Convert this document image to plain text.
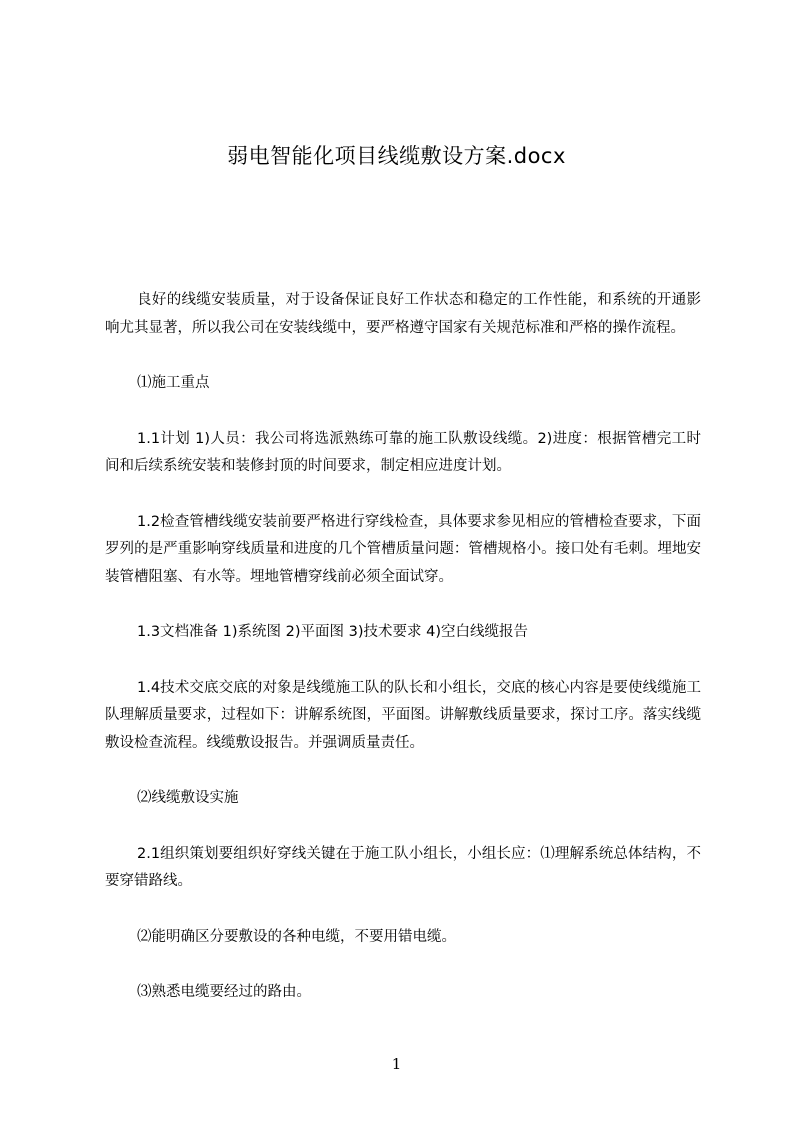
弱电智能化项目线缆敷设方案.docx

良好的线缆安装质量，对于设备保证良好工作状态和稳定的工作性能，和系统的开通影响尤其显著，所以我公司在安装线缆中，要严格遵守国家有关规范标准和严格的操作流程。

⑴施工重点

1.1计划 1)人员：我公司将选派熟练可靠的施工队敷设线缆。2)进度：根据管槽完工时间和后续系统安装和装修封顶的时间要求，制定相应进度计划。

1.2检查管槽线缆安装前要严格进行穿线检查，具体要求参见相应的管槽检查要求，下面罗列的是严重影响穿线质量和进度的几个管槽质量问题：管槽规格小。接口处有毛刺。埋地安装管槽阻塞、有水等。埋地管槽穿线前必须全面试穿。

1.3文档准备 1)系统图 2)平面图 3)技术要求 4)空白线缆报告

1.4技术交底交底的对象是线缆施工队的队长和小组长，交底的核心内容是要使线缆施工队理解质量要求，过程如下：讲解系统图，平面图。讲解敷线质量要求，探讨工序。落实线缆敷设检查流程。线缆敷设报告。并强调质量责任。

⑵线缆敷设实施

2.1组织策划要组织好穿线关键在于施工队小组长，小组长应：⑴理解系统总体结构，不要穿错路线。

⑵能明确区分要敷设的各种电缆，不要用错电缆。

⑶熟悉电缆要经过的路由。

1
